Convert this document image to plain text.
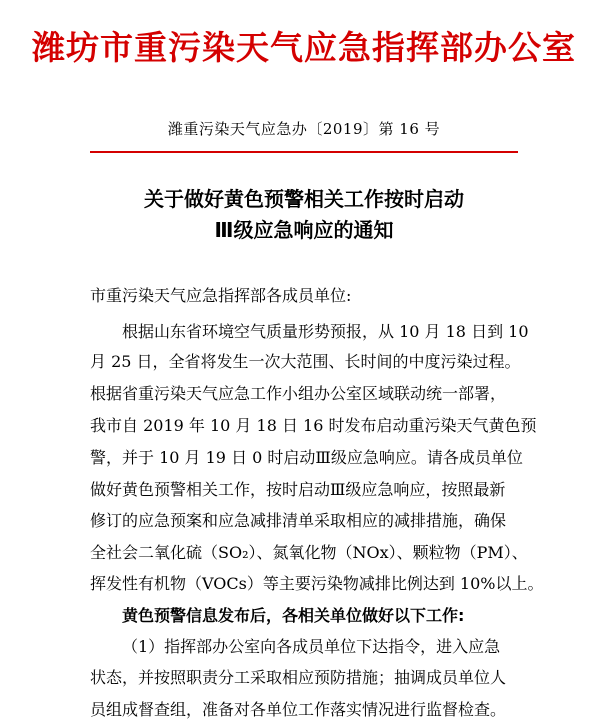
潍坊市重污染天气应急指挥部办公室
潍重污染天气应急办〔2019〕第 16 号
关于做好黄色预警相关工作按时启动
Ⅲ级应急响应的通知
市重污染天气应急指挥部各成员单位:
根据山东省环境空气质量形势预报，从 10 月 18 日到 10
月 25 日，全省将发生一次大范围、长时间的中度污染过程。
根据省重污染天气应急工作小组办公室区域联动统一部署，
我市自 2019 年 10 月 18 日 16 时发布启动重污染天气黄色预
警，并于 10 月 19 日 0 时启动Ⅲ级应急响应。请各成员单位
做好黄色预警相关工作，按时启动Ⅲ级应急响应，按照最新
修订的应急预案和应急减排清单采取相应的减排措施，确保
全社会二氧化硫（SO₂）、氮氧化物（NOx）、颗粒物（PM）、
挥发性有机物（VOCs）等主要污染物减排比例达到 10%以上。
黄色预警信息发布后，各相关单位做好以下工作:
（1）指挥部办公室向各成员单位下达指令，进入应急
状态，并按照职责分工采取相应预防措施；抽调成员单位人
员组成督查组，准备对各单位工作落实情况进行监督检查。
